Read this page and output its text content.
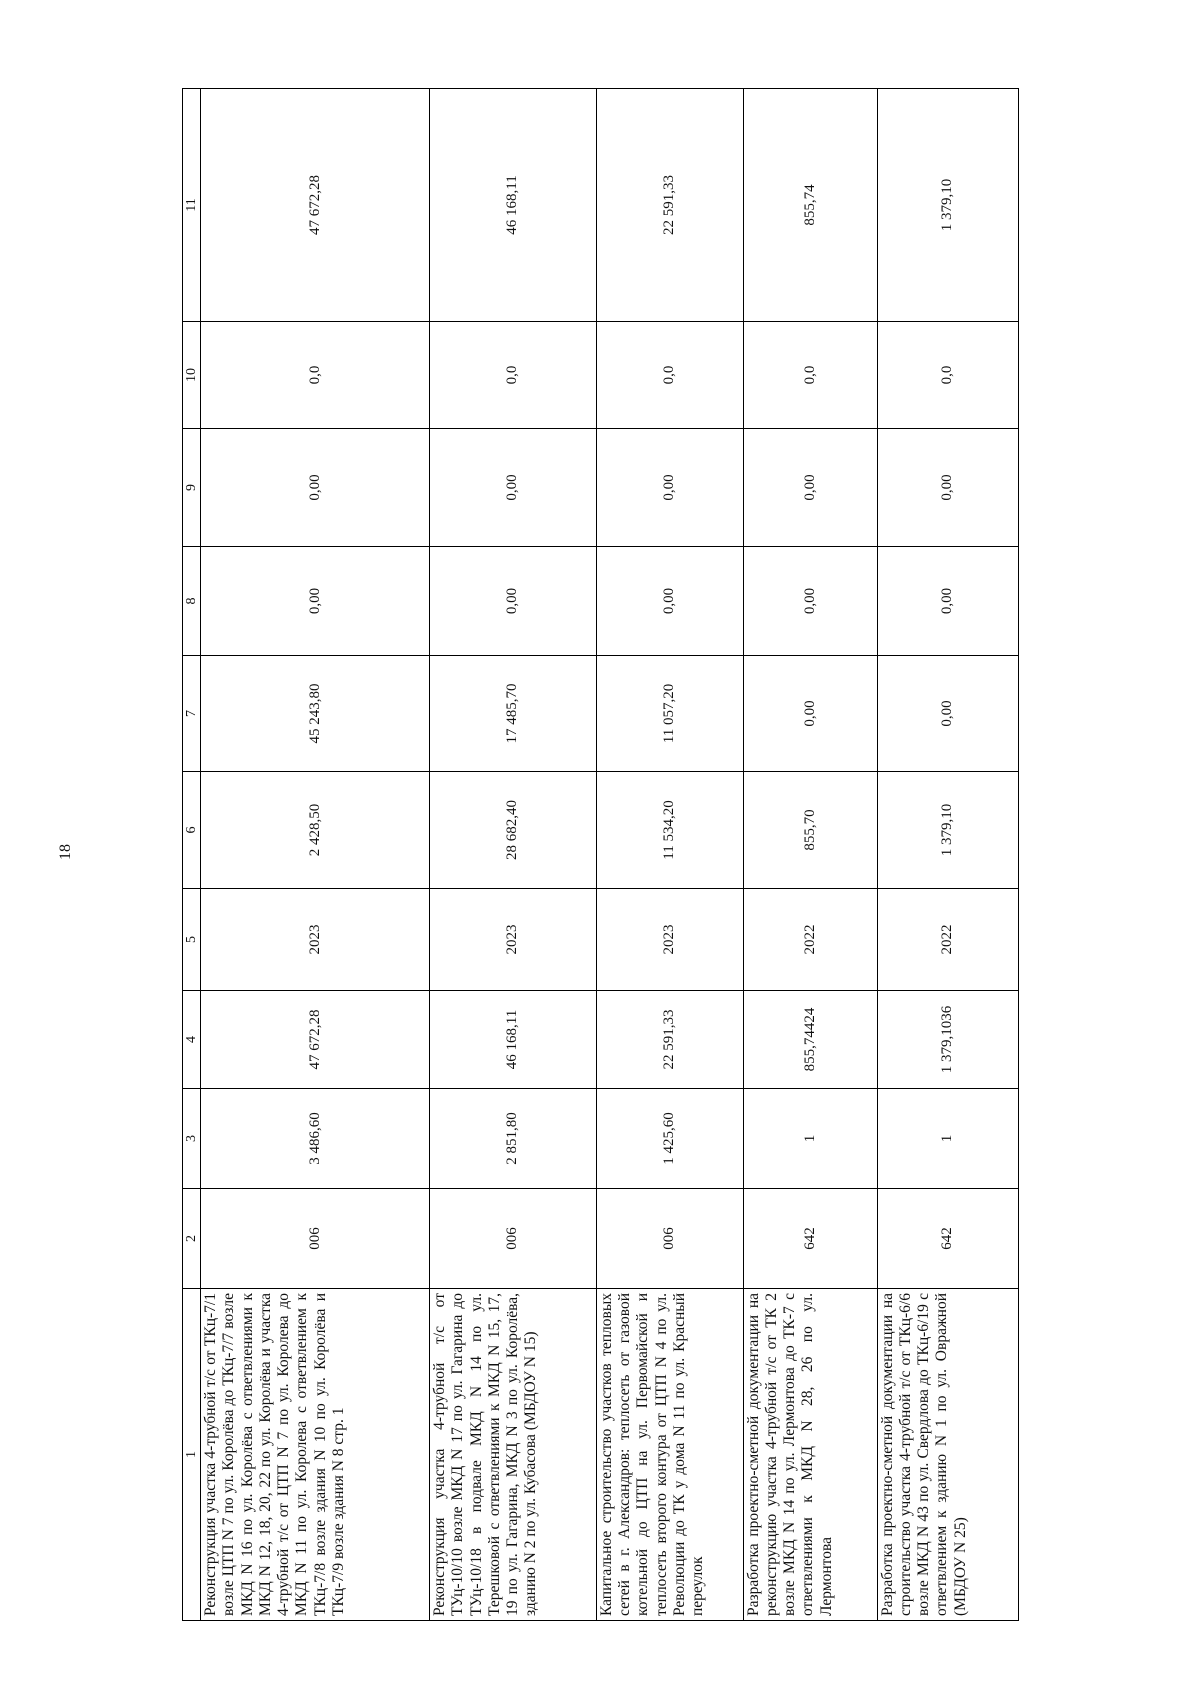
18
1	2	3	4	5	6	7	8	9	10	11
Реконструкция участка 4-трубной т/с от ТКц-7/1 возле ЦТП N 7 по ул. Королёва до ТКц-7/7 возле МКД N 16 по ул. Королёва с ответвлениями к МКД N 12, 18, 20, 22 по ул. Королёва и участка 4-трубной т/с от ЦТП N 7 по ул. Королева до МКД N 11 по ул. Королева с ответвлением к ТКц-7/8 возле здания N 10 по ул. Королёва и ТКц-7/9 возле здания N 8 стр. 1	006	3 486,60	47 672,28	2023	2 428,50	45 243,80	0,00	0,00	0,0	47 672,28
Реконструкция участка 4-трубной т/с от ТУц-10/10 возле МКД N 17 по ул. Гагарина до ТУц-10/18 в подвале МКД N 14 по ул. Терешковой с ответвлениями к МКД N 15, 17, 19 по ул. Гагарина, МКД N 3 по ул. Королёва, зданию N 2 по ул. Кубасова (МБДОУ N 15)	006	2 851,80	46 168,11	2023	28 682,40	17 485,70	0,00	0,00	0,0	46 168,11
Капитальное строительство участков тепловых сетей в г. Александров: теплосеть от газовой котельной до ЦТП на ул. Первомайской и теплосеть второго контура от ЦТП N 4 по ул. Революции до ТК у дома N 11 по ул. Красный переулок	006	1 425,60	22 591,33	2023	11 534,20	11 057,20	0,00	0,00	0,0	22 591,33
Разработка проектно-сметной документации на реконструкцию участка 4-трубной т/с от ТК 2 возле МКД N 14 по ул. Лермонтова до ТК-7 с ответвлениями к МКД N 28, 26 по ул. Лермонтова	642	1	855,74424	2022	855,70	0,00	0,00	0,00	0,0	855,74
Разработка проектно-сметной документации на строительство участка 4-трубной т/с от ТКц-6/6 возле МКД N 43 по ул. Свердлова до ТКц-6/19 с ответвлением к зданию N 1 по ул. Овражной (МБДОУ N 25)	642	1	1 379,1036	2022	1 379,10	0,00	0,00	0,00	0,0	1 379,10
